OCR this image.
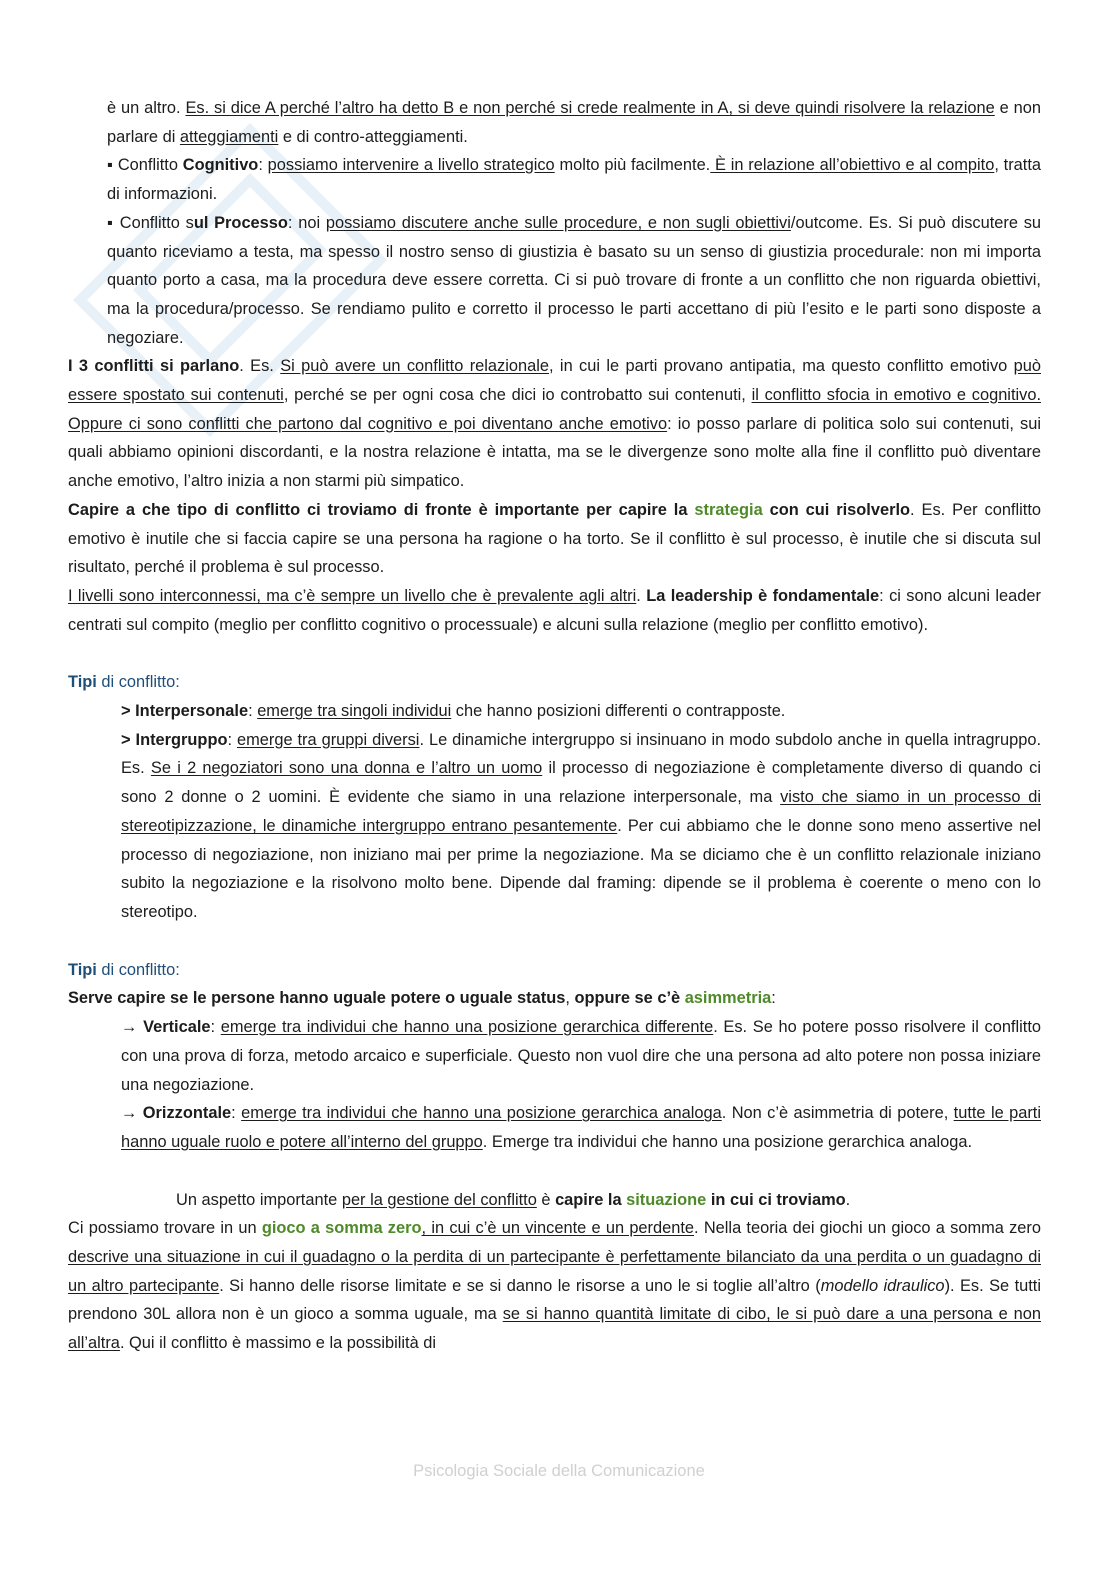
è un altro. Es. si dice A perché l’altro ha detto B e non perché si crede realmente in A, si deve quindi risolvere la relazione e non parlare di atteggiamenti e di contro-atteggiamenti.

▪ Conflitto Cognitivo: possiamo intervenire a livello strategico molto più facilmente. È in relazione all’obiettivo e al compito, tratta di informazioni.

▪ Conflitto sul Processo: noi possiamo discutere anche sulle procedure, e non sugli obiettivi/outcome. Es. Si può discutere su quanto riceviamo a testa, ma spesso il nostro senso di giustizia è basato su un senso di giustizia procedurale: non mi importa quanto porto a casa, ma la procedura deve essere corretta. Ci si può trovare di fronte a un conflitto che non riguarda obiettivi, ma la procedura/processo. Se rendiamo pulito e corretto il processo le parti accettano di più l’esito e le parti sono disposte a negoziare.

I 3 conflitti si parlano. Es. Si può avere un conflitto relazionale, in cui le parti provano antipatia, ma questo conflitto emotivo può essere spostato sui contenuti, perché se per ogni cosa che dici io controbatto sui contenuti, il conflitto sfocia in emotivo e cognitivo. Oppure ci sono conflitti che partono dal cognitivo e poi diventano anche emotivo: io posso parlare di politica solo sui contenuti, sui quali abbiamo opinioni discordanti, e la nostra relazione è intatta, ma se le divergenze sono molte alla fine il conflitto può diventare anche emotivo, l’altro inizia a non starmi più simpatico.

Capire a che tipo di conflitto ci troviamo di fronte è importante per capire la strategia con cui risolverlo. Es. Per conflitto emotivo è inutile che si faccia capire se una persona ha ragione o ha torto. Se il conflitto è sul processo, è inutile che si discuta sul risultato, perché il problema è sul processo.

I livelli sono interconnessi, ma c’è sempre un livello che è prevalente agli altri. La leadership è fondamentale: ci sono alcuni leader centrati sul compito (meglio per conflitto cognitivo o processuale) e alcuni sulla relazione (meglio per conflitto emotivo).

Tipi di conflitto:

> Interpersonale: emerge tra singoli individui che hanno posizioni differenti o contrapposte.

> Intergruppo: emerge tra gruppi diversi. Le dinamiche intergruppo si insinuano in modo subdolo anche in quella intragruppo. Es. Se i 2 negoziatori sono una donna e l’altro un uomo il processo di negoziazione è completamente diverso di quando ci sono 2 donne o 2 uomini. È evidente che siamo in una relazione interpersonale, ma visto che siamo in un processo di stereotipizzazione, le dinamiche intergruppo entrano pesantemente. Per cui abbiamo che le donne sono meno assertive nel processo di negoziazione, non iniziano mai per prime la negoziazione. Ma se diciamo che è un conflitto relazionale iniziano subito la negoziazione e la risolvono molto bene. Dipende dal framing: dipende se il problema è coerente o meno con lo stereotipo.

Tipi di conflitto:

Serve capire se le persone hanno uguale potere o uguale status, oppure se c’è asimmetria:

→ Verticale: emerge tra individui che hanno una posizione gerarchica differente. Es. Se ho potere posso risolvere il conflitto con una prova di forza, metodo arcaico e superficiale. Questo non vuol dire che una persona ad alto potere non possa iniziare una negoziazione.

→ Orizzontale: emerge tra individui che hanno una posizione gerarchica analoga. Non c’è asimmetria di potere, tutte le parti hanno uguale ruolo e potere all’interno del gruppo. Emerge tra individui che hanno una posizione gerarchica analoga.

Un aspetto importante per la gestione del conflitto è capire la situazione in cui ci troviamo.

Ci possiamo trovare in un gioco a somma zero, in cui c’è un vincente e un perdente. Nella teoria dei giochi un gioco a somma zero descrive una situazione in cui il guadagno o la perdita di un partecipante è perfettamente bilanciato da una perdita o un guadagno di un altro partecipante. Si hanno delle risorse limitate e se si danno le risorse a uno le si toglie all’altro (modello idraulico). Es. Se tutti prendono 30L allora non è un gioco a somma uguale, ma se si hanno quantità limitate di cibo, le si può dare a una persona e non all’altra. Qui il conflitto è massimo e la possibilità di

Psicologia Sociale della Comunicazione
